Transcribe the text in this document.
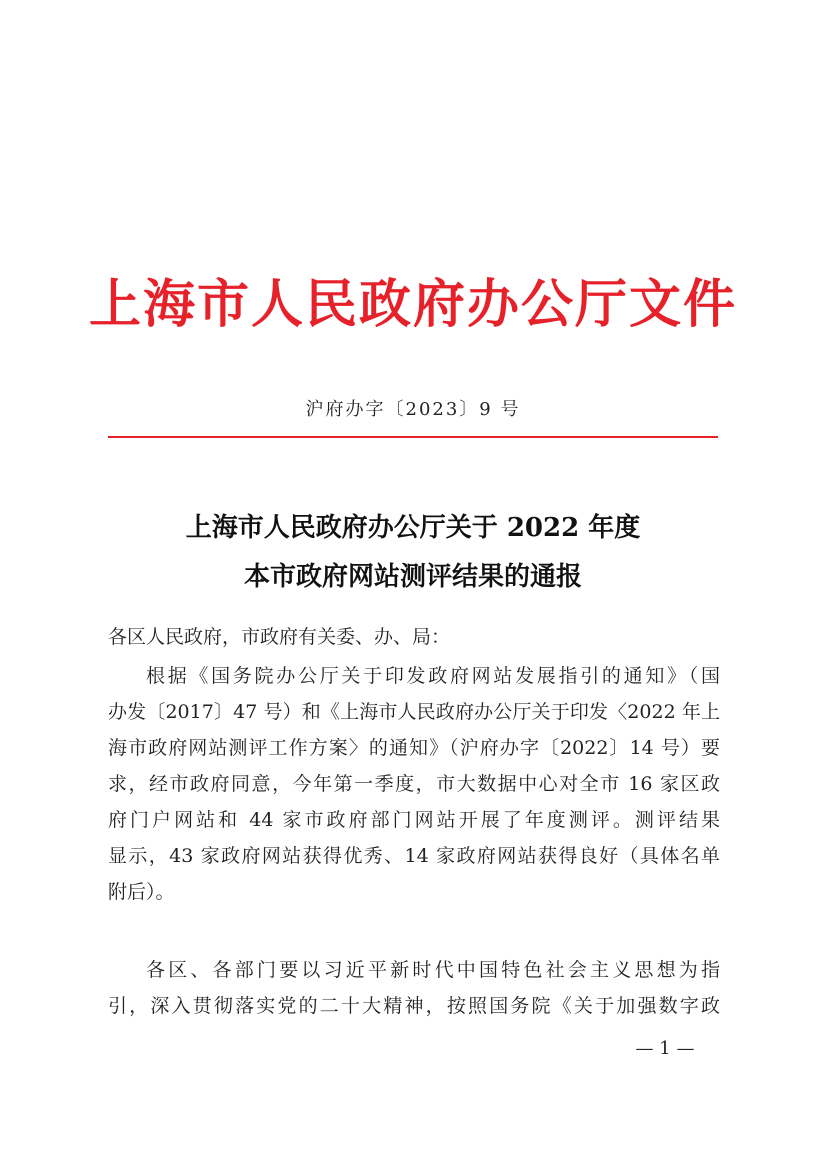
上海市人民政府办公厅文件
沪府办字〔2023〕9 号
上海市人民政府办公厅关于 2022 年度
本市政府网站测评结果的通报
各区人民政府，市政府有关委、办、局：
根据《国务院办公厅关于印发政府网站发展指引的通知》（国
办发〔2017〕47 号）和《上海市人民政府办公厅关于印发〈2022 年上
海市政府网站测评工作方案〉的通知》（沪府办字〔2022〕14 号）要
求，经市政府同意，今年第一季度，市大数据中心对全市 16 家区政
府门户网站和 44 家市政府部门网站开展了年度测评。测评结果
显示，43 家政府网站获得优秀、14 家政府网站获得良好（具体名单
附后）。
各区、各部门要以习近平新时代中国特色社会主义思想为指
引，深入贯彻落实党的二十大精神，按照国务院《关于加强数字政
— 1 —
